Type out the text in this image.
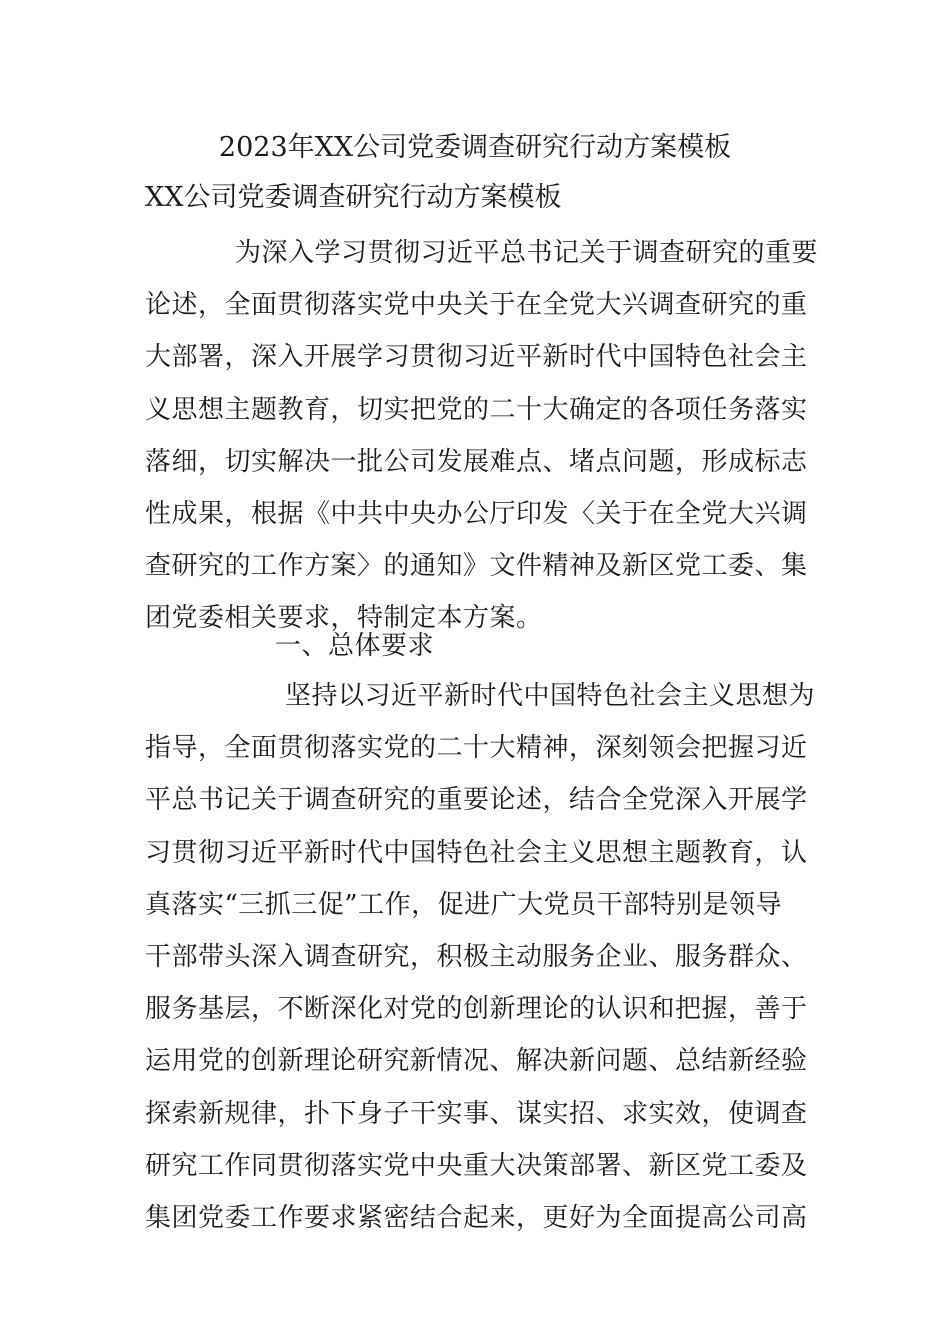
2023年XX公司党委调查研究行动方案模板
XX公司党委调查研究行动方案模板
为深入学习贯彻习近平总书记关于调查研究的重要
论述，全面贯彻落实党中央关于在全党大兴调查研究的重
大部署，深入开展学习贯彻习近平新时代中国特色社会主
义思想主题教育，切实把党的二十大确定的各项任务落实
落细，切实解决一批公司发展难点、堵点问题，形成标志
性成果，根据《中共中央办公厅印发〈关于在全党大兴调
查研究的工作方案〉的通知》文件精神及新区党工委、集
团党委相关要求，特制定本方案。
一、总体要求
坚持以习近平新时代中国特色社会主义思想为
指导，全面贯彻落实党的二十大精神，深刻领会把握习近
平总书记关于调查研究的重要论述，结合全党深入开展学
习贯彻习近平新时代中国特色社会主义思想主题教育，认
真落实“三抓三促”工作，促进广大党员干部特别是领导
干部带头深入调查研究，积极主动服务企业、服务群众、
服务基层，不断深化对党的创新理论的认识和把握，善于
运用党的创新理论研究新情况、解决新问题、总结新经验
探索新规律，扑下身子干实事、谋实招、求实效，使调查
研究工作同贯彻落实党中央重大决策部署、新区党工委及
集团党委工作要求紧密结合起来，更好为全面提高公司高
